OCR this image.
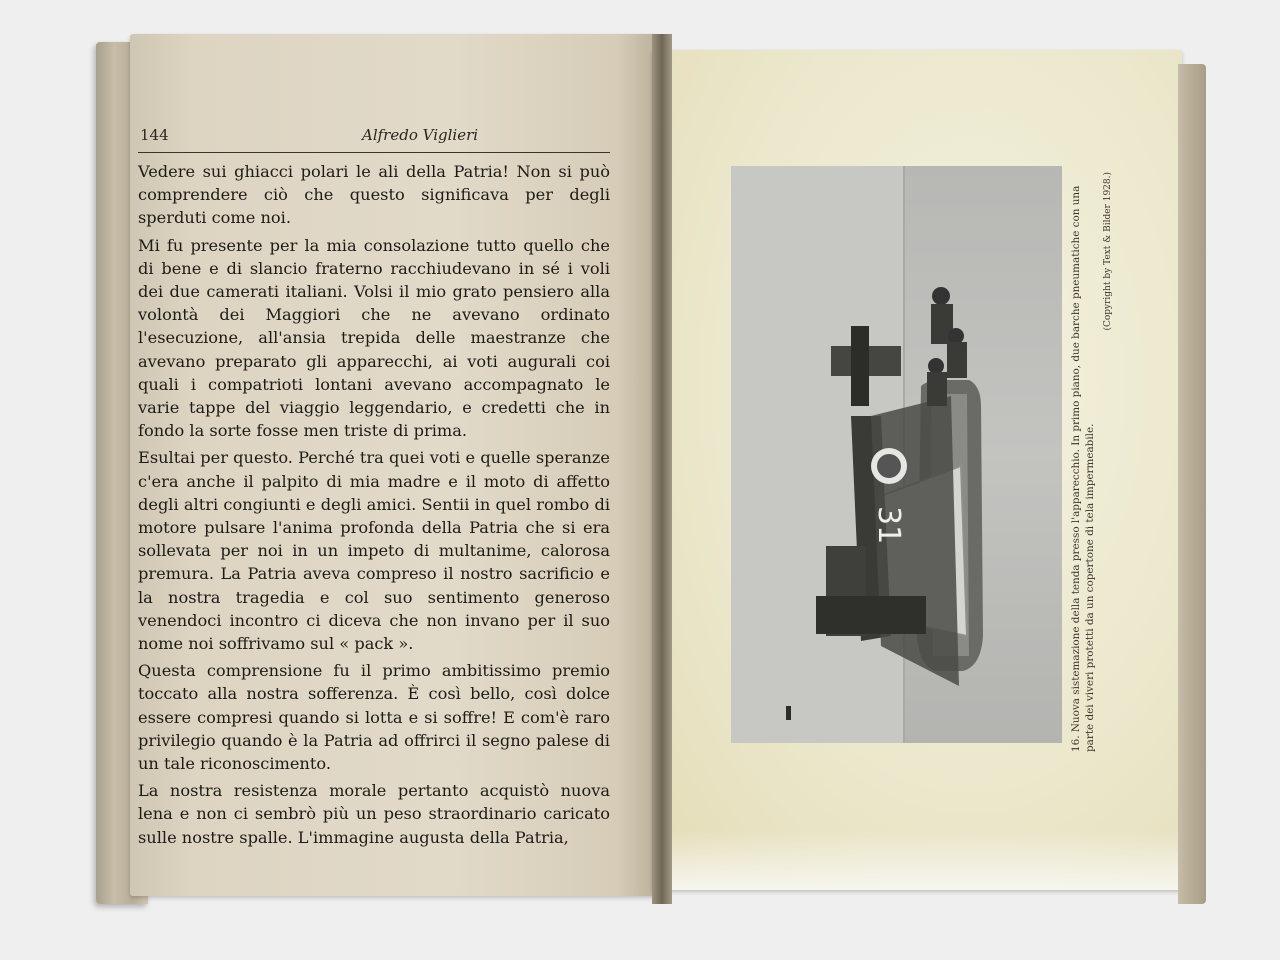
144	Alfredo Viglieri

Vedere sui ghiacci polari le ali della Patria! Non si può comprendere ciò che questo significava per degli sperduti come noi.

Mi fu presente per la mia consolazione tutto quello che di bene e di slancio fraterno racchiudevano in sé i voli dei due camerati italiani. Volsi il mio grato pensiero alla volontà dei Maggiori che ne avevano ordinato l'esecuzione, all'ansia trepida delle maestranze che avevano preparato gli apparecchi, ai voti augurali coi quali i compatrioti lontani avevano accompagnato le varie tappe del viaggio leggendario, e credetti che in fondo la sorte fosse men triste di prima.

Esultai per questo. Perché tra quei voti e quelle speranze c'era anche il palpito di mia madre e il moto di affetto degli altri congiunti e degli amici. Sentii in quel rombo di motore pulsare l'anima profonda della Patria che si era sollevata per noi in un impeto di multanime, calorosa premura. La Patria aveva compreso il nostro sacrificio e la nostra tragedia e col suo sentimento generoso venendoci incontro ci diceva che non invano per il suo nome noi soffrivamo sul « pack ».

Questa comprensione fu il primo ambitissimo premio toccato alla nostra sofferenza. È così bello, così dolce essere compresi quando si lotta e si soffre! E com'è raro privilegio quando è la Patria ad offrirci il segno palese di un tale riconoscimento.

La nostra resistenza morale pertanto acquistò nuova lena e non ci sembrò più un peso straordinario caricato sulle nostre spalle. L'immagine augusta della Patria,

31	16. Nuova sistemazione della tenda presso l'apparecchio. In primo piano, due barche pneumatiche con una parte dei viveri protetti da un copertone di tela impermeabile.
(Copyright by Text & Bilder 1928.)
